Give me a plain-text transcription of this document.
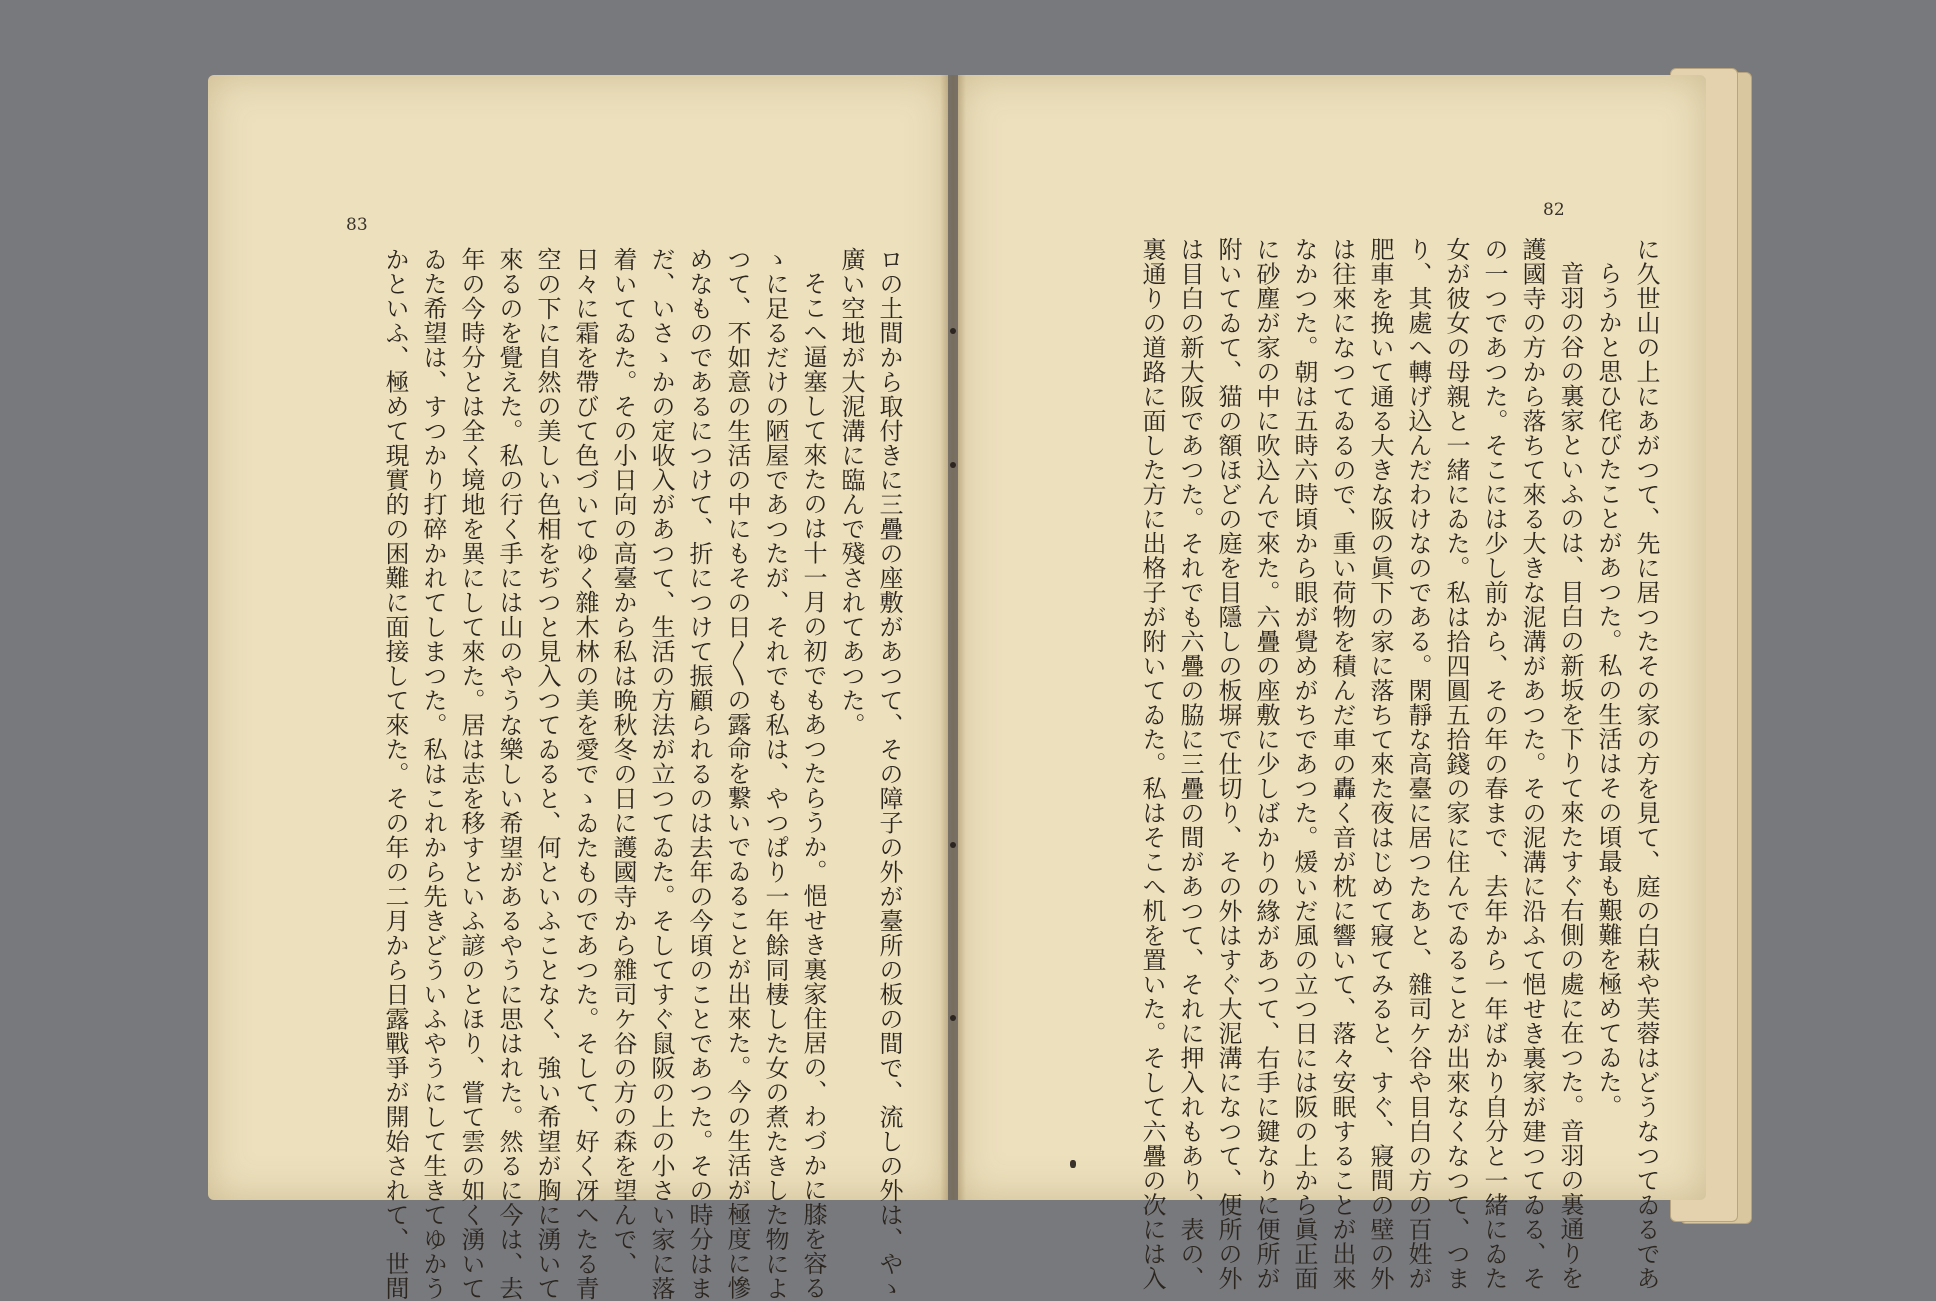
83
ロの土間から取付きに三疊の座敷があつて、その障子の外が臺所の板の間で、流しの外は、やゝ
廣い空地が大泥溝に臨んで殘されてあつた。
そこへ逼塞して來たのは十一月の初でもあつたらうか。悒せき裏家住居の、わづかに膝を容る
ゝに足るだけの陋屋であつたが、それでも私は、やつぱり一年餘同棲した女の煮たきした物によ
つて、不如意の生活の中にもその日〳〵の露命を繋いでゐることが出來た。今の生活が極度に慘
めなものであるにつけて、折につけて振顧られるのは去年の今頃のことであつた。その時分はま
だ、いさゝかの定收入があつて、生活の方法が立つてゐた。そしてすぐ鼠阪の上の小さい家に落
着いてゐた。その小日向の高臺から私は晩秋冬の日に護國寺から雜司ケ谷の方の森を望んで、
日々に霜を帶びて色づいてゆく雜木林の美を愛でゝゐたものであつた。そして、好く冴へたる青
空の下に自然の美しい色相をぢつと見入つてゐると、何といふことなく、強い希望が胸に湧いて
來るのを覺えた。私の行く手には山のやうな樂しい希望があるやうに思はれた。然るに今は、去
年の今時分とは全く境地を異にして來た。居は志を移すといふ諺のとほり、嘗て雲の如く湧いて
ゐた希望は、すつかり打碎かれてしまつた。私はこれから先きどういふやうにして生きてゆかう
かといふ、極めて現實的の困難に面接して來た。その年の二月から日露戰爭が開始されて、世間
82
に久世山の上にあがつて、先に居つたその家の方を見て、庭の白萩や芙蓉はどうなつてゐるであ
らうかと思ひ侘びたことがあつた。私の生活はその頃最も艱難を極めてゐた。
音羽の谷の裏家といふのは、目白の新坂を下りて來たすぐ右側の處に在つた。音羽の裏通りを
護國寺の方から落ちて來る大きな泥溝があつた。その泥溝に沿ふて悒せき裏家が建つてゐる、そ
の一つであつた。そこには少し前から、その年の春まで、去年から一年ばかり自分と一緒にゐた
女が彼女の母親と一緒にゐた。私は拾四圓五拾錢の家に住んでゐることが出來なくなつて、つま
り、其處へ轉げ込んだわけなのである。閑靜な高臺に居つたあと、雜司ケ谷や目白の方の百姓が
肥車を挽いて通る大きな阪の眞下の家に落ちて來た夜はじめて寢てみると、すぐ、寢間の壁の外
は往來になつてゐるので、重い荷物を積んだ車の轟く音が枕に響いて、落々安眠することが出來
なかつた。朝は五時六時頃から眼が覺めがちであつた。煖いだ風の立つ日には阪の上から眞正面
に砂塵が家の中に吹込んで來た。六疊の座敷に少しばかりの緣があつて、右手に鍵なりに便所が
附いてゐて、猫の額ほどの庭を目隱しの板塀で仕切り、その外はすぐ大泥溝になつて、便所の外
は目白の新大阪であつた。それでも六疊の脇に三疊の間があつて、それに押入れもあり、表の、
裏通りの道路に面した方に出格子が附いてゐた。私はそこへ机を置いた。そして六疊の次には入
